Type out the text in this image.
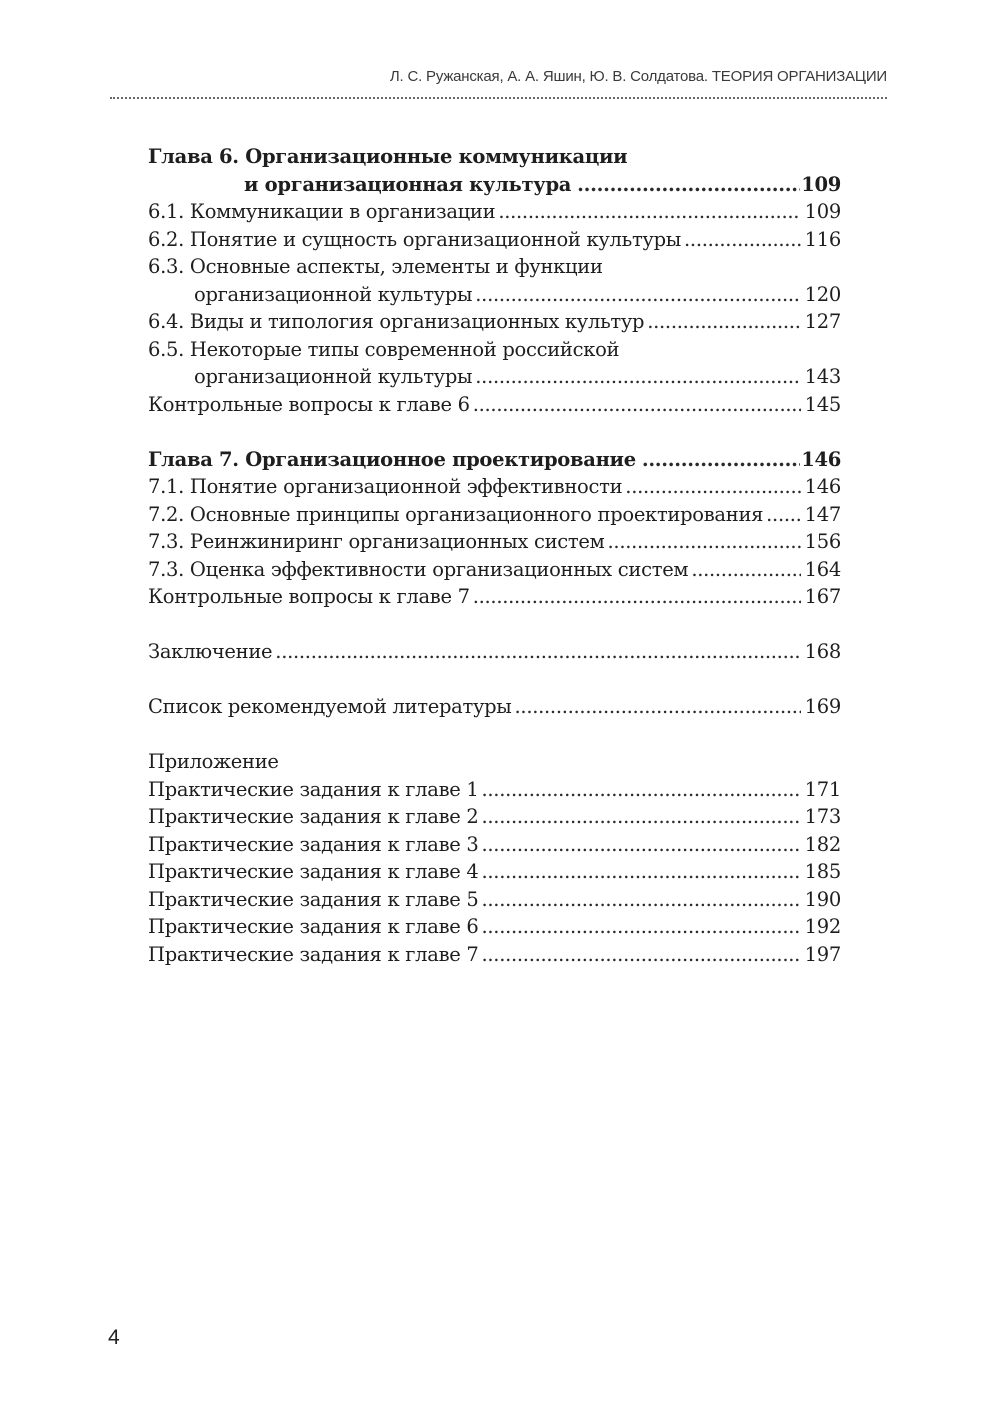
Л. С. Ружанская, А. А. Яшин, Ю. В. Солдатова. ТЕОРИЯ ОРГАНИЗАЦИИ
Глава 6. Организационные коммуникации
и организационная культура .....	109
6.1. Коммуникации в организации .....	109
6.2. Понятие и сущность организационной культуры .....	116
6.3. Основные аспекты, элементы и функции
организационной культуры .....	120
6.4. Виды и типология организационных культур .....	127
6.5. Некоторые типы современной российской
организационной культуры .....	143
Контрольные вопросы к главе 6 .....	145
Глава 7. Организационное проектирование .....	146
7.1. Понятие организационной эффективности .....	146
7.2. Основные принципы организационного проектирования ..... 147
7.3. Реинжиниринг организационных систем .....	156
7.3. Оценка эффективности организационных систем .....	164
Контрольные вопросы к главе 7 .....	167
Заключение .....	168
Список рекомендуемой литературы .....	169
Приложение
Практические задания к главе 1 .....	171
Практические задания к главе 2 .....	173
Практические задания к главе 3 .....	182
Практические задания к главе 4 .....	185
Практические задания к главе 5 .....	190
Практические задания к главе 6 .....	192
Практические задания к главе 7 .....	197
4
